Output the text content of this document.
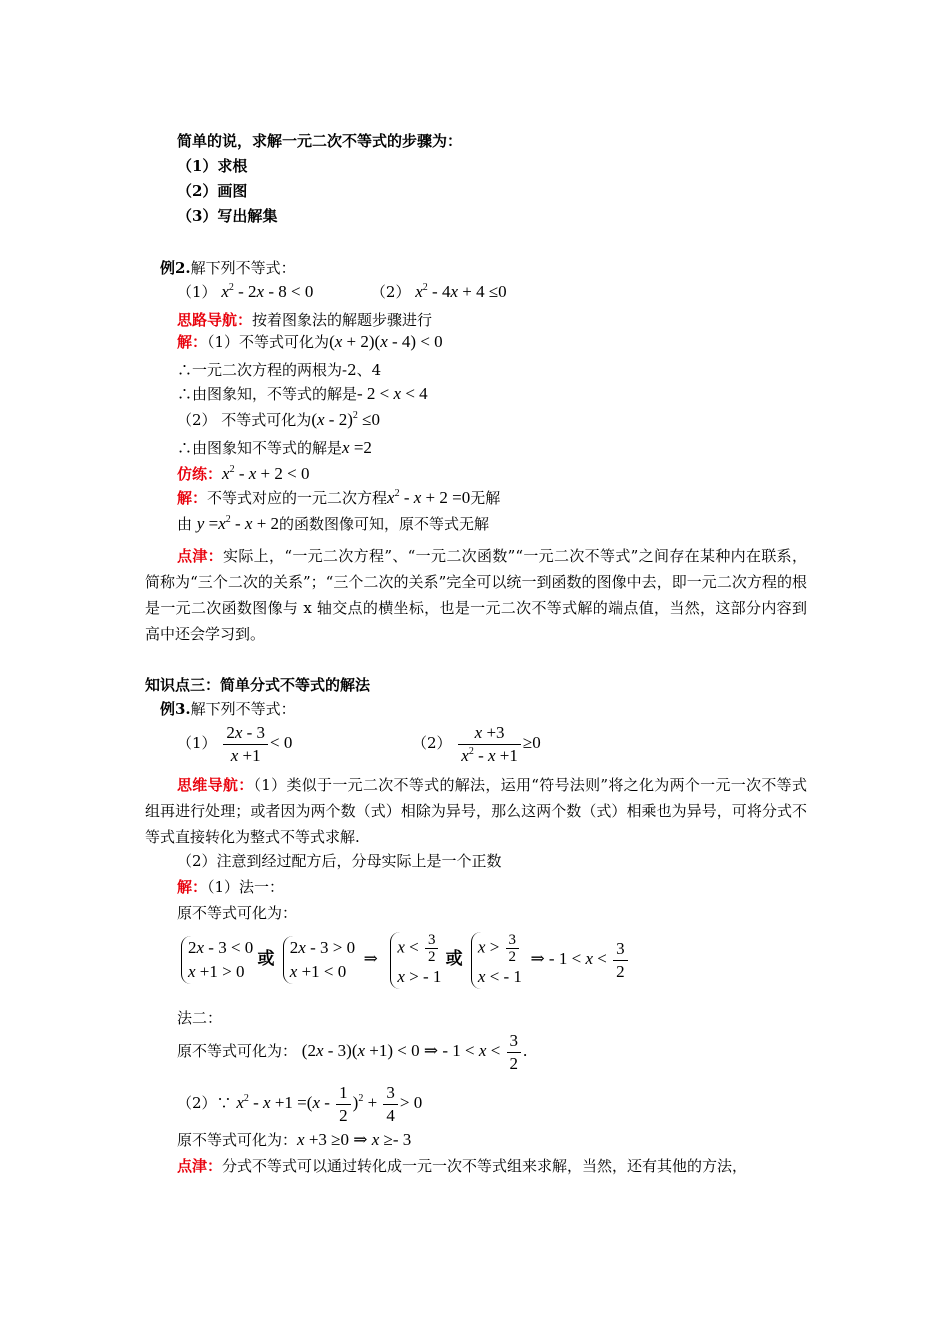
简单的说，求解一元二次不等式的步骤为：
（1）求根
（2）画图
（3）写出解集
例2.解下列不等式：
（1） $x^2 - 2x - 8 < 0$	（2） $x^2 - 4x + 4 \le 0$
思路导航：按着图象法的解题步骤进行
解：（1）不等式可化为(x + 2)(x - 4) < 0
∴一元二次方程的两根为-2、4
∴由图象知，不等式的解是- 2 < x < 4
（2） 不等式可化为(x - 2)$^2$ ≤0
∴由图象知不等式的解是x =2
仿练：$x^2 - x + 2 < 0$
解：不等式对应的一元二次方程$x^2 - x + 2 =0$无解
由 $y =x^2 - x + 2$的函数图像可知，原不等式无解
点津：实际上，“一元二次方程”、“一元二次函数”“一元二次不等式”之间存在某种内在联系，简称为“三个二次的关系”；“三个二次的关系”完全可以统一到函数的图像中去，即一元二次方程的根是一元二次函数图像与 x 轴交点的横坐标，也是一元二次不等式解的端点值，当然，这部分内容到高中还会学习到。
知识点三：简单分式不等式的解法
例3.解下列不等式：
$(1) \frac{2x - 3}{x +1} < 0$	$(2) \frac{x +3}{x^2 - x +1} \ge 0$
思维导航：（1）类似于一元二次不等式的解法，运用“符号法则”将之化为两个一元一次不等式组再进行处理；或者因为两个数（式）相除为异号，那么这两个数（式）相乘也为异号，可将分式不等式直接转化为整式不等式求解.
（2）注意到经过配方后，分母实际上是一个正数
解：（1）法一：
原不等式可化为：
2x - 3 < 0
x +1 > 0
或
2x - 3 > 0
x +1 < 0
⇒
$x < \frac{3}{2}$
x > - 1
或
$x > \frac{3}{2}$
x < - 1
⇒ - $1 < x < \frac{3}{2}$
法二：
原不等式可化为： (2x - 3)(x +1) < 0 ⇒ - $1 < x < \frac{3}{2}$ .
（2）∵ $x^2 - x +1 =(x - \frac{1}{2} )^2 + \frac{3}{4} > 0$
原不等式可化为：x +3 ≥0 ⇒ x ≥- 3
点津：分式不等式可以通过转化成一元一次不等式组来求解，当然，还有其他的方法，
